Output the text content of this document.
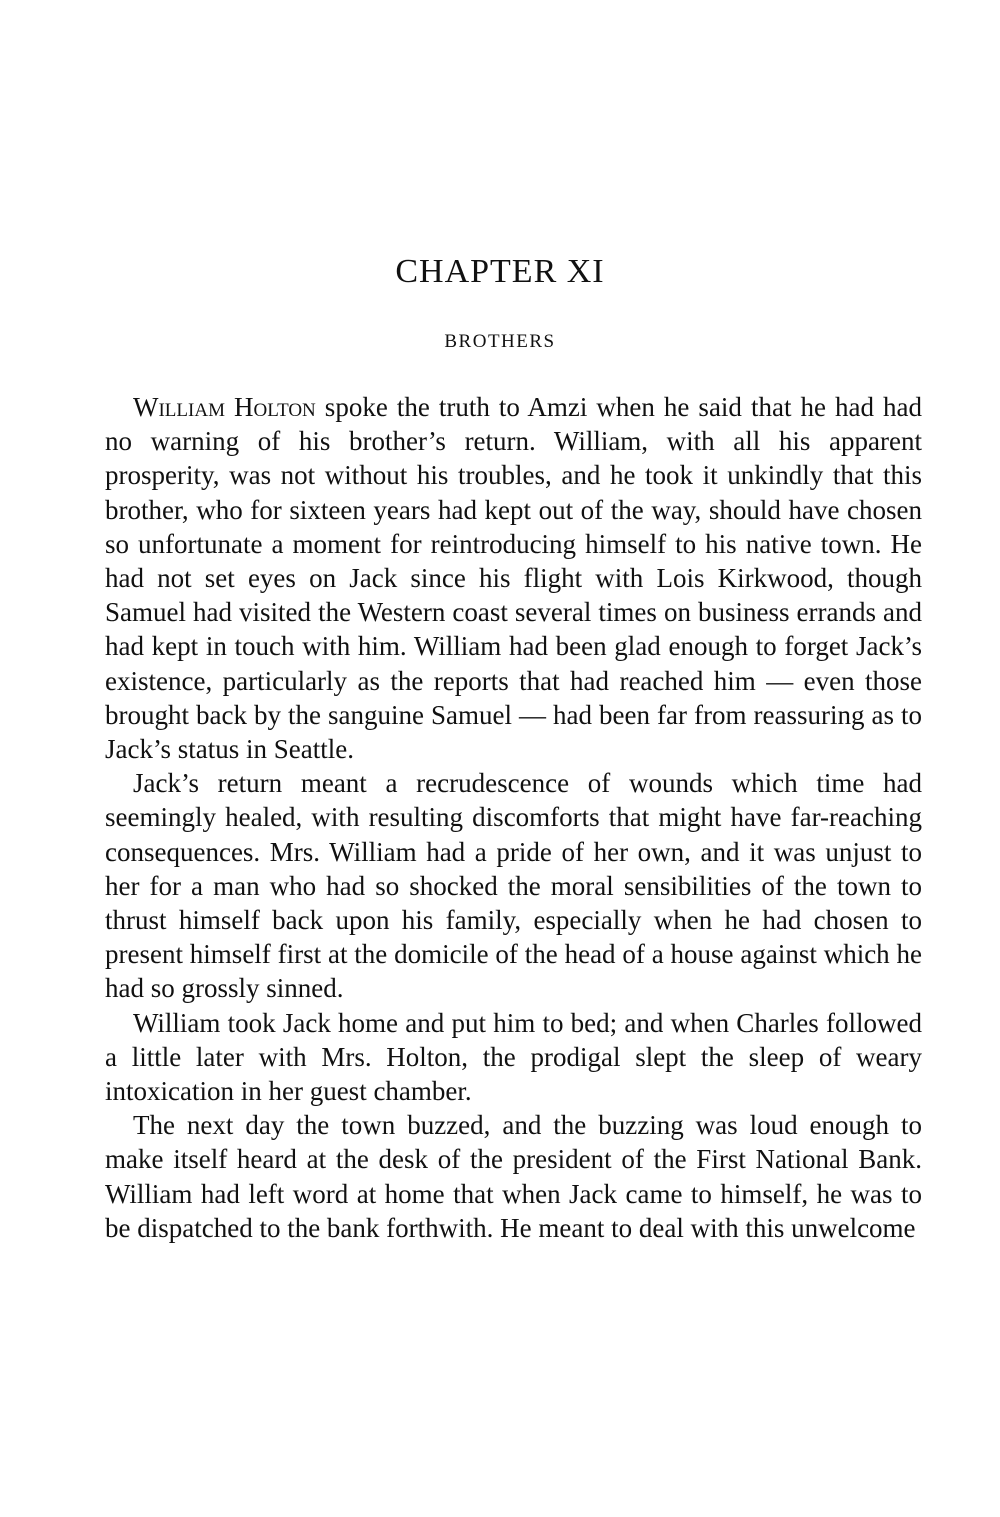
CHAPTER XI
BROTHERS

William Holton spoke the truth to Amzi when he said that he had had no warning of his brother’s return. William, with all his apparent prosperity, was not without his troubles, and he took it unkindly that this brother, who for sixteen years had kept out of the way, should have chosen so unfortunate a moment for reintroducing himself to his native town. He had not set eyes on Jack since his flight with Lois Kirkwood, though Samuel had visited the Western coast several times on business errands and had kept in touch with him. William had been glad enough to forget Jack’s existence, particularly as the reports that had reached him — even those brought back by the sanguine Samuel — had been far from reassuring as to Jack’s status in Seattle.

Jack’s return meant a recrudescence of wounds which time had seemingly healed, with resulting discomforts that might have far-reaching consequences. Mrs. William had a pride of her own, and it was unjust to her for a man who had so shocked the moral sensibilities of the town to thrust himself back upon his family, especially when he had chosen to present himself first at the domicile of the head of a house against which he had so grossly sinned.

William took Jack home and put him to bed; and when Charles followed a little later with Mrs. Holton, the prodigal slept the sleep of weary intoxication in her guest chamber.

The next day the town buzzed, and the buzzing was loud enough to make itself heard at the desk of the president of the First National Bank. William had left word at home that when Jack came to himself, he was to be dispatched to the bank forthwith. He meant to deal with this unwelcome
